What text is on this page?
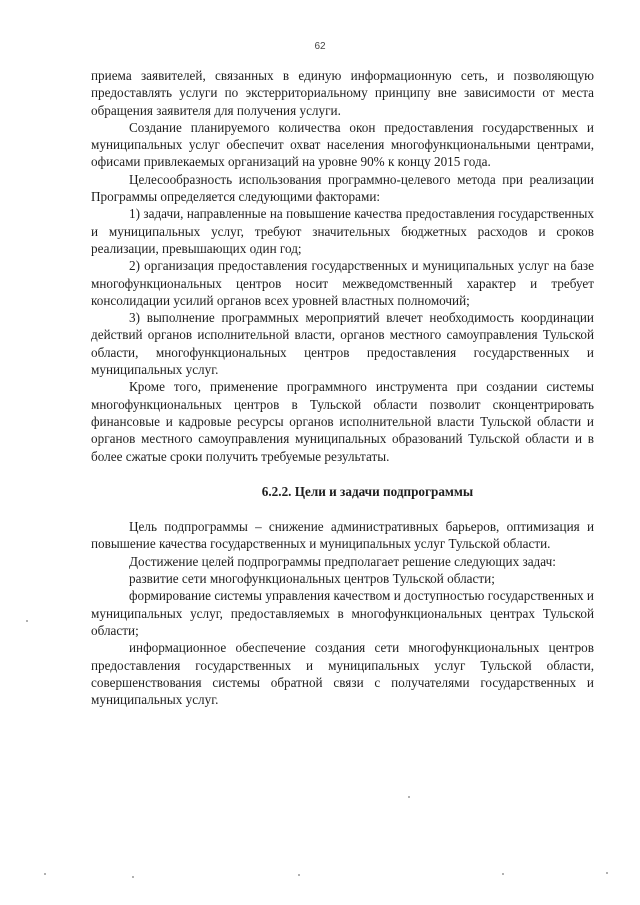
62

приема заявителей, связанных в единую информационную сеть, и позволяющую предоставлять услуги по экстерриториальному принципу вне зависимости от места обращения заявителя для получения услуги.

Создание планируемого количества окон предоставления государственных и муниципальных услуг обеспечит охват населения многофункциональными центрами, офисами привлекаемых организаций на уровне 90% к концу 2015 года.

Целесообразность использования программно-целевого метода при реализации Программы определяется следующими факторами:

1) задачи, направленные на повышение качества предоставления государственных и муниципальных услуг, требуют значительных бюджетных расходов и сроков реализации, превышающих один год;

2) организация предоставления государственных и муниципальных услуг на базе многофункциональных центров носит межведомственный характер и требует консолидации усилий органов всех уровней властных полномочий;

3) выполнение программных мероприятий влечет необходимость координации действий органов исполнительной власти, органов местного самоуправления Тульской области, многофункциональных центров предоставления государственных и муниципальных услуг.

Кроме того, применение программного инструмента при создании системы многофункциональных центров в Тульской области позволит сконцентрировать финансовые и кадровые ресурсы органов исполнительной власти Тульской области и органов местного самоуправления муниципальных образований Тульской области и в более сжатые сроки получить требуемые результаты.

6.2.2. Цели и задачи подпрограммы

Цель подпрограммы – снижение административных барьеров, оптимизация и повышение качества государственных и муниципальных услуг Тульской области.

Достижение целей подпрограммы предполагает решение следующих задач:

развитие сети многофункциональных центров Тульской области;

формирование системы управления качеством и доступностью государственных и муниципальных услуг, предоставляемых в многофункциональных центрах Тульской области;

информационное обеспечение создания сети многофункциональных центров предоставления государственных и муниципальных услуг Тульской области, совершенствования системы обратной связи с получателями государственных и муниципальных услуг.
